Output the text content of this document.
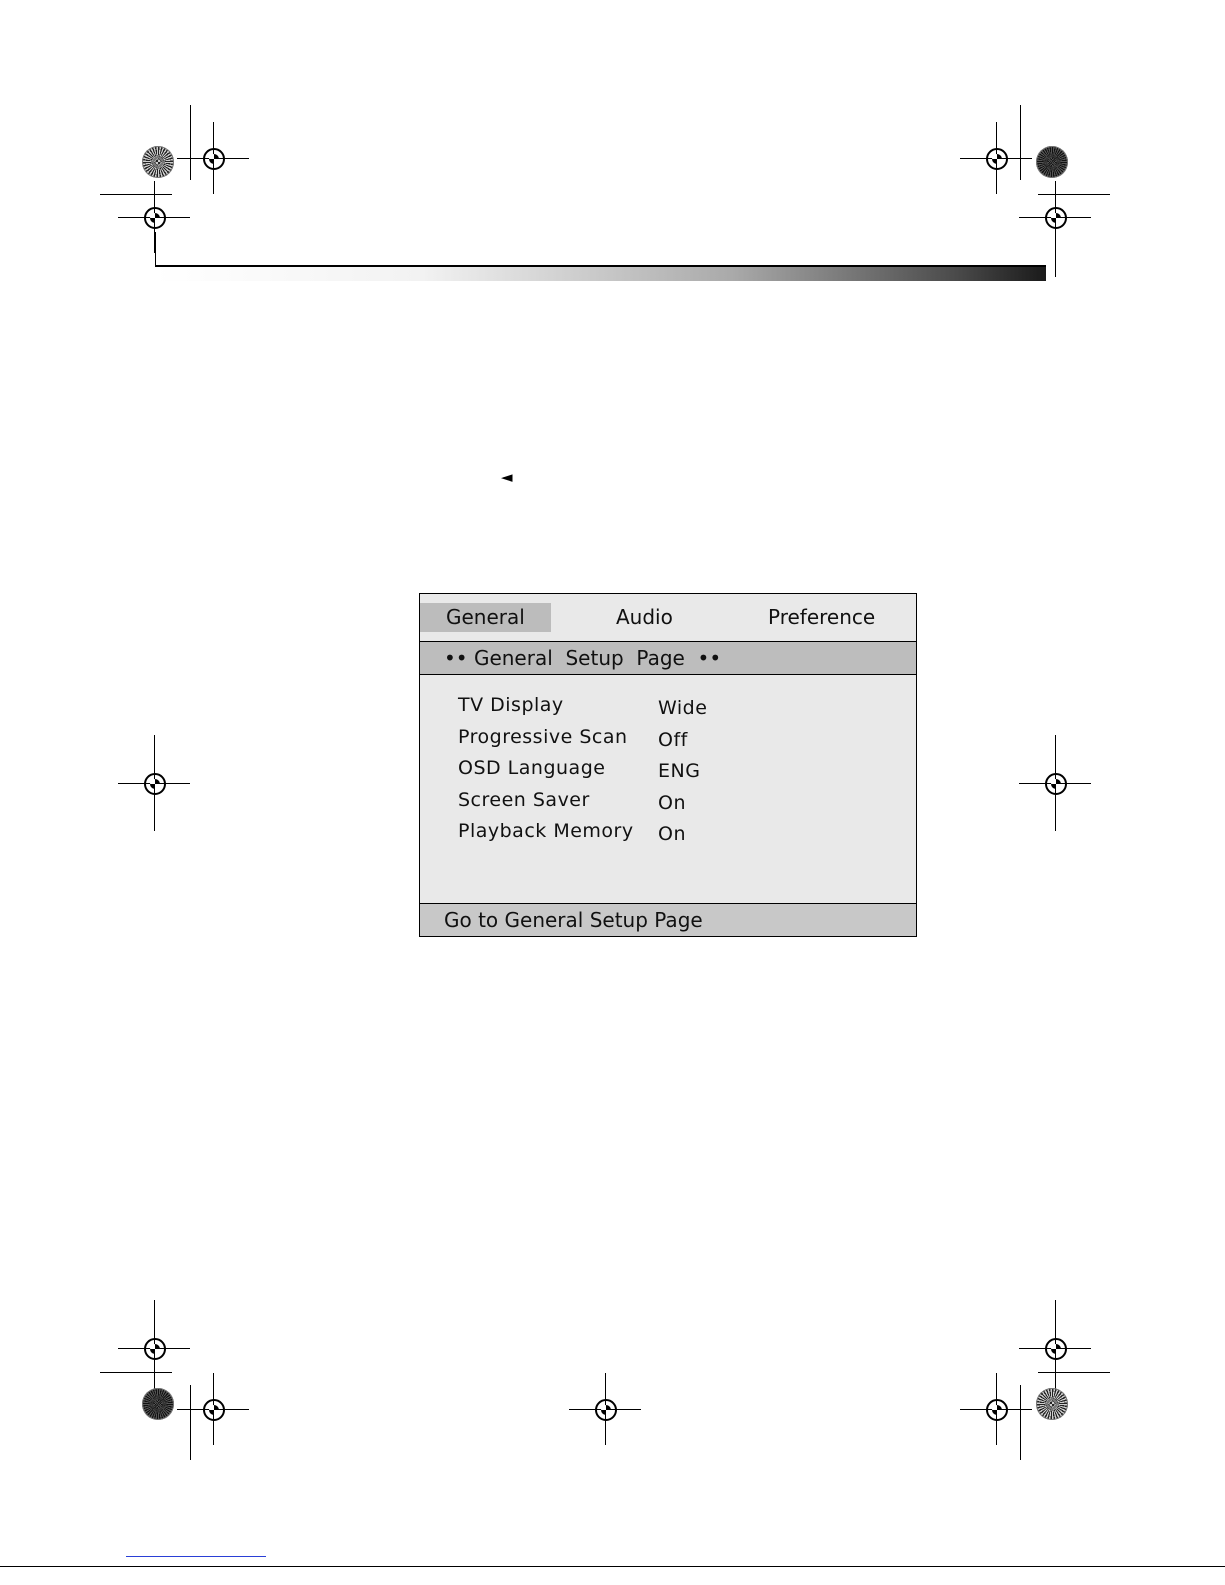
◄
General	Audio	Preference
•• General  Setup  Page  ••
TV Display	Wide
Progressive Scan Off
OSD Language	ENG
Screen Saver	On
Playback Memory On
Go to General Setup Page
